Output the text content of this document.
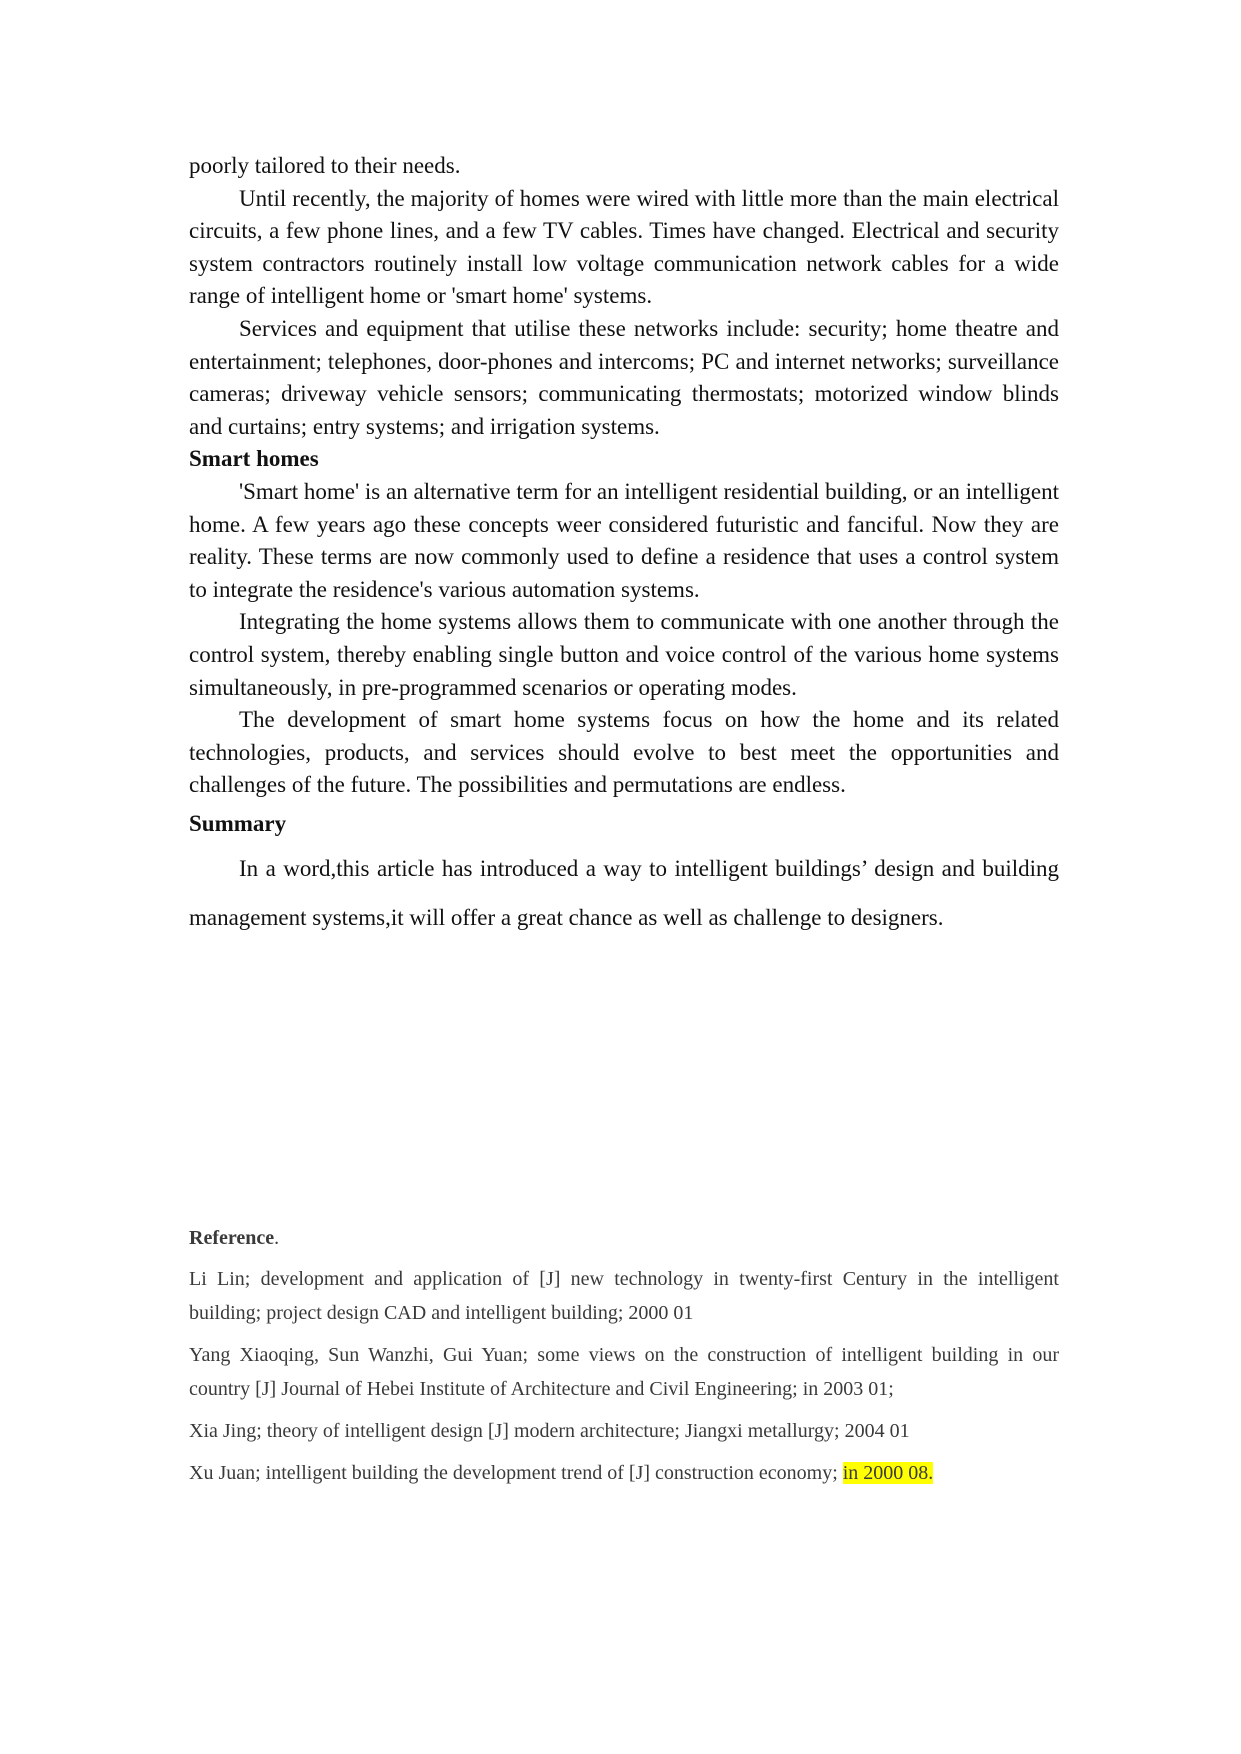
poorly tailored to their needs.

Until recently, the majority of homes were wired with little more than the main electrical circuits, a few phone lines, and a few TV cables. Times have changed. Electrical and security system contractors routinely install low voltage communication network cables for a wide range of intelligent home or 'smart home' systems.

Services and equipment that utilise these networks include: security; home theatre and entertainment; telephones, door-phones and intercoms; PC and internet networks; surveillance cameras; driveway vehicle sensors; communicating thermostats; motorized window blinds and curtains; entry systems; and irrigation systems.

Smart homes

'Smart home' is an alternative term for an intelligent residential building, or an intelligent home. A few years ago these concepts weer considered futuristic and fanciful. Now they are reality. These terms are now commonly used to define a residence that uses a control system to integrate the residence's various automation systems.

Integrating the home systems allows them to communicate with one another through the control system, thereby enabling single button and voice control of the various home systems simultaneously, in pre-programmed scenarios or operating modes.

The development of smart home systems focus on how the home and its related technologies, products, and services should evolve to best meet the opportunities and challenges of the future. The possibilities and permutations are endless.

Summary

In a word,this article has introduced a way to intelligent buildings’ design and building management systems,it will offer a great chance as well as challenge to designers.

Reference.

Li Lin; development and application of [J] new technology in twenty-first Century in the intelligent building; project design CAD and intelligent building; 2000 01

Yang Xiaoqing, Sun Wanzhi, Gui Yuan; some views on the construction of intelligent building in our country [J] Journal of Hebei Institute of Architecture and Civil Engineering; in 2003 01;

Xia Jing; theory of intelligent design [J] modern architecture; Jiangxi metallurgy; 2004 01

Xu Juan; intelligent building the development trend of [J] construction economy; in 2000 08.
